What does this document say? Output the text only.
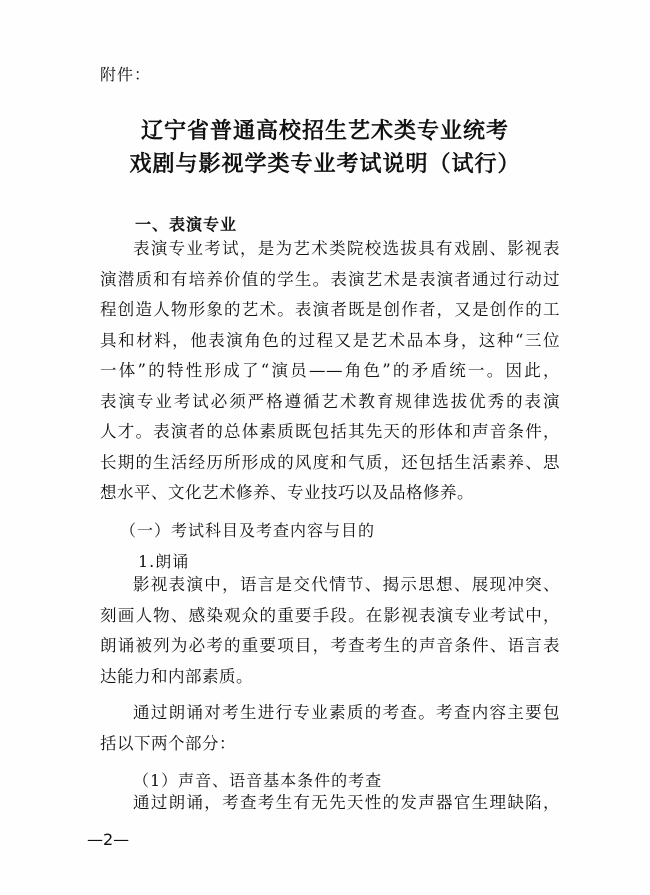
附件：
辽宁省普通高校招生艺术类专业统考
戏剧与影视学类专业考试说明（试行）
一、表演专业
表演专业考试，是为艺术类院校选拔具有戏剧、影视表
演潜质和有培养价值的学生。表演艺术是表演者通过行动过
程创造人物形象的艺术。表演者既是创作者，又是创作的工
具和材料，他表演角色的过程又是艺术品本身，这种“三位
一体”的特性形成了“演员——角色”的矛盾统一。因此，
表演专业考试必须严格遵循艺术教育规律选拔优秀的表演
人才。表演者的总体素质既包括其先天的形体和声音条件，
长期的生活经历所形成的风度和气质，还包括生活素养、思
想水平、文化艺术修养、专业技巧以及品格修养。
（一）考试科目及考查内容与目的
1.朗诵
影视表演中，语言是交代情节、揭示思想、展现冲突、
刻画人物、感染观众的重要手段。在影视表演专业考试中，
朗诵被列为必考的重要项目，考查考生的声音条件、语言表
达能力和内部素质。
通过朗诵对考生进行专业素质的考查。考查内容主要包
括以下两个部分：
（1）声音、语音基本条件的考查
通过朗诵，考查考生有无先天性的发声器官生理缺陷，
—2—
